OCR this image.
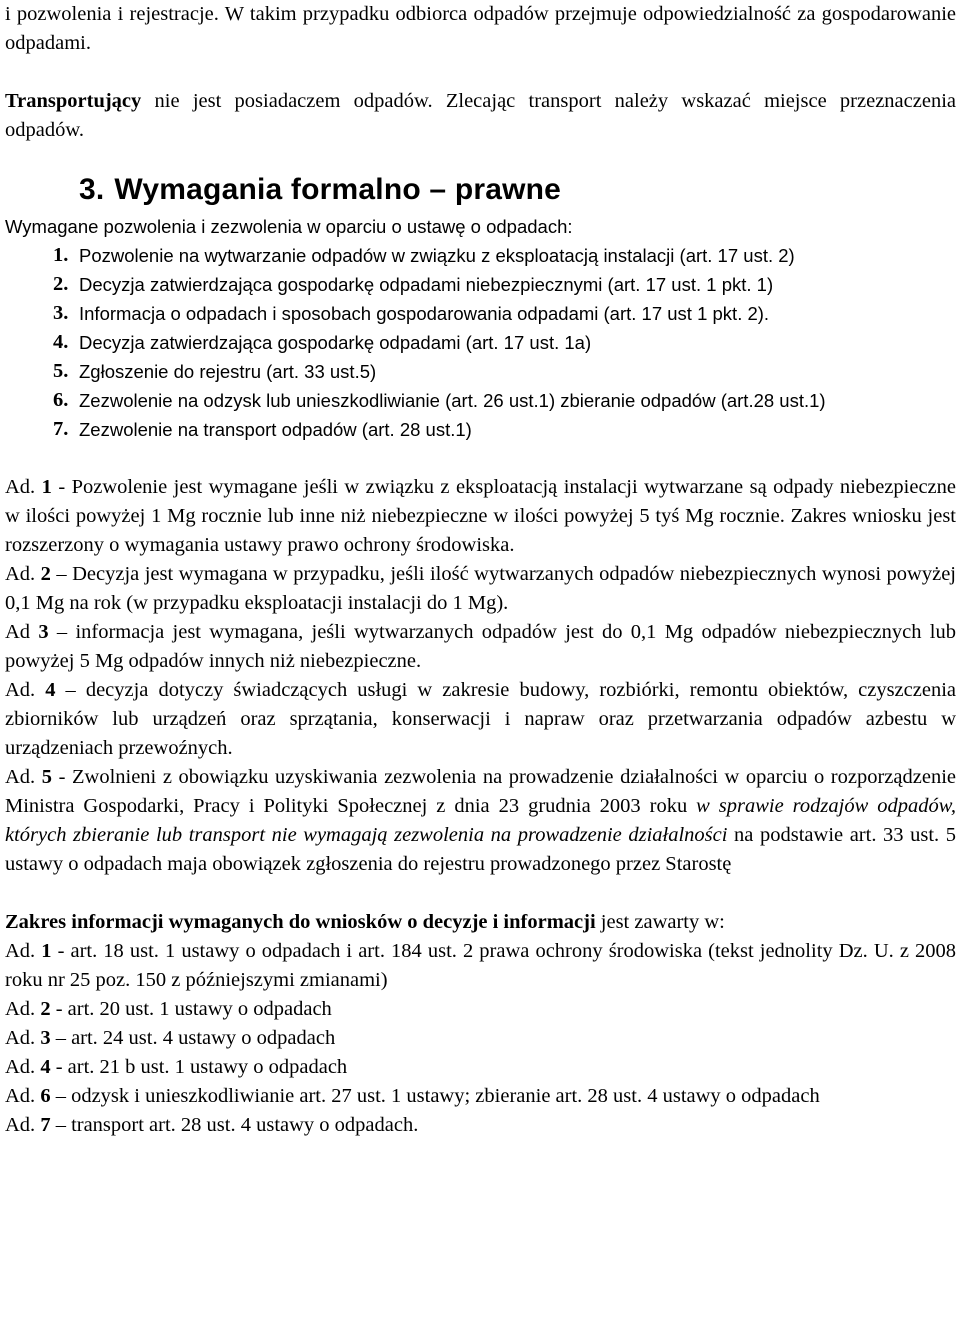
i pozwolenia i rejestracje. W takim przypadku odbiorca odpadów przejmuje odpowiedzialność za gospodarowanie odpadami.

Transportujący nie jest posiadaczem odpadów. Zlecając transport należy wskazać miejsce przeznaczenia odpadów.

3. Wymagania formalno – prawne

Wymagane pozwolenia i zezwolenia w oparciu o ustawę o odpadach:

1. Pozwolenie na wytwarzanie odpadów w związku z eksploatacją instalacji (art. 17 ust. 2)
2. Decyzja zatwierdzająca gospodarkę odpadami niebezpiecznymi (art. 17 ust. 1 pkt. 1)
3. Informacja o odpadach i sposobach gospodarowania odpadami (art. 17 ust 1 pkt. 2).
4. Decyzja zatwierdzająca gospodarkę odpadami (art. 17 ust. 1a)
5. Zgłoszenie do rejestru (art. 33 ust.5)
6. Zezwolenie na odzysk lub unieszkodliwianie (art. 26 ust.1) zbieranie odpadów (art.28 ust.1)
7. Zezwolenie na transport odpadów (art. 28 ust.1)

Ad. 1 - Pozwolenie jest wymagane jeśli w związku z eksploatacją instalacji wytwarzane są odpady niebezpieczne w ilości powyżej 1 Mg rocznie lub inne niż niebezpieczne w ilości powyżej 5 tyś Mg rocznie. Zakres wniosku jest rozszerzony o wymagania ustawy prawo ochrony środowiska.

Ad. 2 – Decyzja jest wymagana w przypadku, jeśli ilość wytwarzanych odpadów niebezpiecznych wynosi powyżej 0,1 Mg na rok (w przypadku eksploatacji instalacji do 1 Mg).

Ad 3 – informacja jest wymagana, jeśli wytwarzanych odpadów jest do 0,1 Mg odpadów niebezpiecznych lub powyżej 5 Mg odpadów innych niż niebezpieczne.

Ad. 4 – decyzja dotyczy świadczących usługi w zakresie budowy, rozbiórki, remontu obiektów, czyszczenia zbiorników lub urządzeń oraz sprzątania, konserwacji i napraw oraz przetwarzania odpadów azbestu w urządzeniach przewoźnych.

Ad. 5 - Zwolnieni z obowiązku uzyskiwania zezwolenia na prowadzenie działalności w oparciu o rozporządzenie Ministra Gospodarki, Pracy i Polityki Społecznej z dnia 23 grudnia 2003 roku w sprawie rodzajów odpadów, których zbieranie lub transport nie wymagają zezwolenia na prowadzenie działalności na podstawie art. 33 ust. 5 ustawy o odpadach maja obowiązek zgłoszenia do rejestru prowadzonego przez Starostę

Zakres informacji wymaganych do wniosków o decyzje i informacji jest zawarty w:

Ad. 1 - art. 18 ust. 1 ustawy o odpadach i art. 184 ust. 2 prawa ochrony środowiska (tekst jednolity Dz. U. z 2008 roku nr 25 poz. 150 z późniejszymi zmianami)

Ad. 2 - art. 20 ust. 1 ustawy o odpadach

Ad. 3 – art. 24 ust. 4 ustawy o odpadach

Ad. 4 - art. 21 b ust. 1 ustawy o odpadach

Ad. 6 – odzysk i unieszkodliwianie art. 27 ust. 1 ustawy; zbieranie art. 28 ust. 4 ustawy o odpadach

Ad. 7 – transport art. 28 ust. 4 ustawy o odpadach.
